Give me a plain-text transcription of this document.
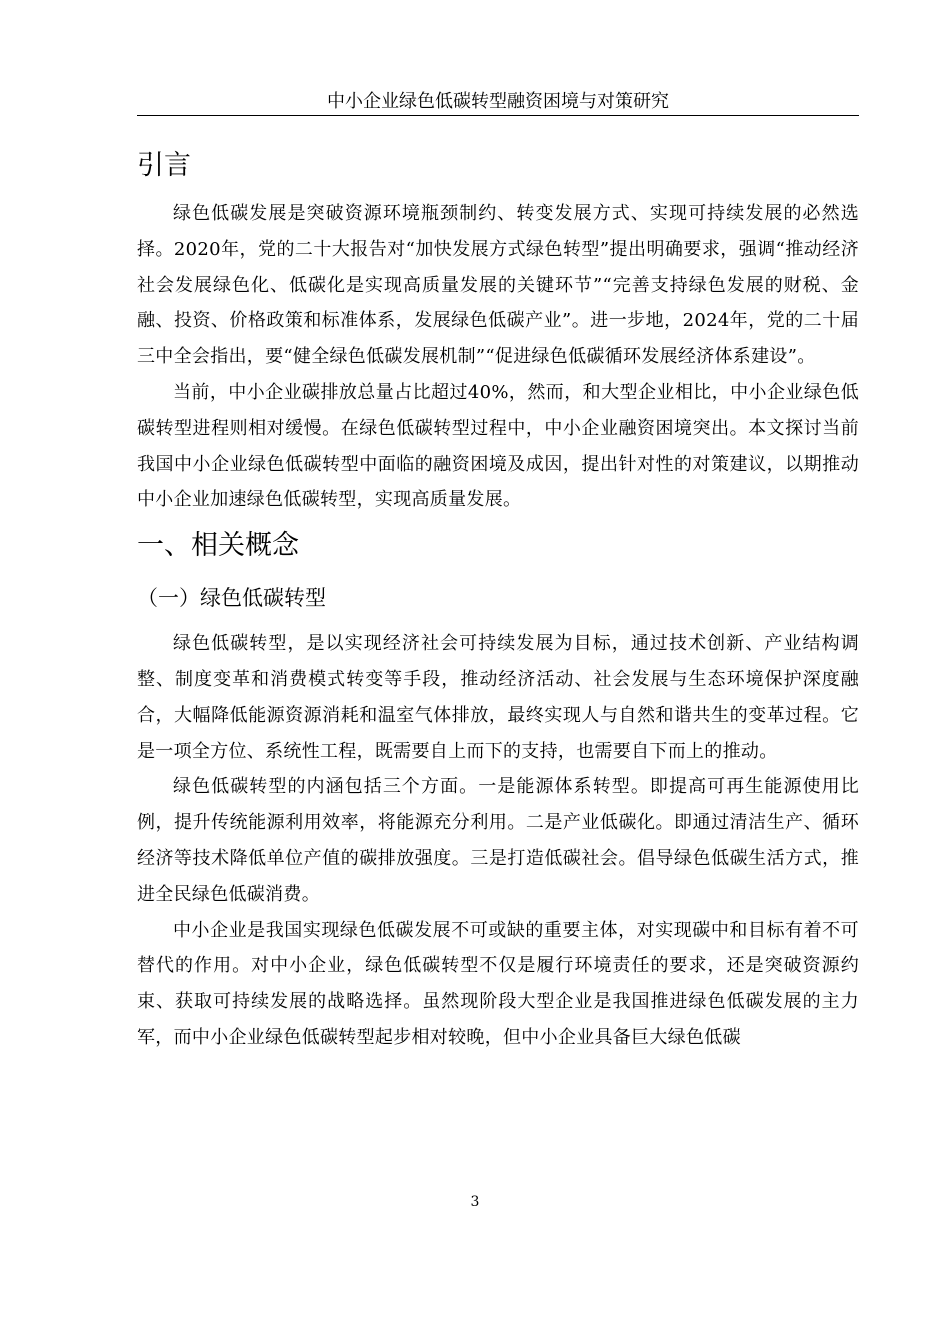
中小企业绿色低碳转型融资困境与对策研究
引言

绿色低碳发展是突破资源环境瓶颈制约、转变发展方式、实现可持续发展的必然选择。2020年，党的二十大报告对“加快发展方式绿色转型”提出明确要求，强调“推动经济社会发展绿色化、低碳化是实现高质量发展的关键环节”“完善支持绿色发展的财税、金融、投资、价格政策和标准体系，发展绿色低碳产业”。进一步地，2024年，党的二十届三中全会指出，要“健全绿色低碳发展机制”“促进绿色低碳循环发展经济体系建设”。

当前，中小企业碳排放总量占比超过40%，然而，和大型企业相比，中小企业绿色低碳转型进程则相对缓慢。在绿色低碳转型过程中，中小企业融资困境突出。本文探讨当前我国中小企业绿色低碳转型中面临的融资困境及成因，提出针对性的对策建议，以期推动中小企业加速绿色低碳转型，实现高质量发展。

一、相关概念
（一）绿色低碳转型

绿色低碳转型，是以实现经济社会可持续发展为目标，通过技术创新、产业结构调整、制度变革和消费模式转变等手段，推动经济活动、社会发展与生态环境保护深度融合，大幅降低能源资源消耗和温室气体排放，最终实现人与自然和谐共生的变革过程。它是一项全方位、系统性工程，既需要自上而下的支持，也需要自下而上的推动。

绿色低碳转型的内涵包括三个方面。一是能源体系转型。即提高可再生能源使用比例，提升传统能源利用效率，将能源充分利用。二是产业低碳化。即通过清洁生产、循环经济等技术降低单位产值的碳排放强度。三是打造低碳社会。倡导绿色低碳生活方式，推进全民绿色低碳消费。

中小企业是我国实现绿色低碳发展不可或缺的重要主体，对实现碳中和目标有着不可替代的作用。对中小企业，绿色低碳转型不仅是履行环境责任的要求，还是突破资源约束、获取可持续发展的战略选择。虽然现阶段大型企业是我国推进绿色低碳发展的主力军，而中小企业绿色低碳转型起步相对较晚，但中小企业具备巨大绿色低碳

3
